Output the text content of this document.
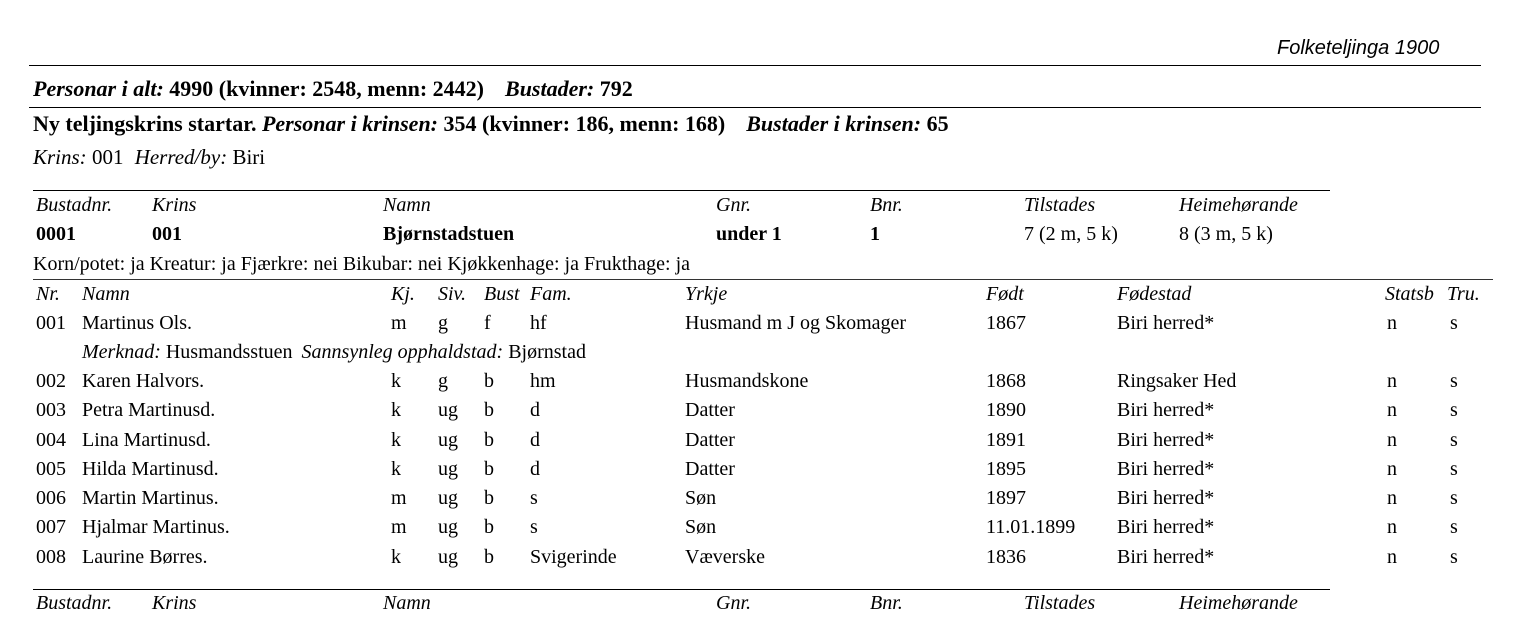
Folketeljinga 1900
Personar i alt: 4990 (kvinner: 2548, menn: 2442) Bustader: 792
Ny teljingskrins startar. Personar i krinsen: 354 (kvinner: 186, menn: 168) Bustader i krinsen: 65
Krins: 001 Herred/by: Biri
Bustadnr. Krins	Namn	Gnr.	Bnr.	Tilstades	Heimehørande
0001	001	Bjørnstadstuen	under 1	1	7 (2 m, 5 k)	8 (3 m, 5 k)
Korn/potet: ja Kreatur: ja Fjærkre: nei Bikubar: nei Kjøkkenhage: ja Frukthage: ja
Nr. Namn	Kj. Siv. Bust Fam.	Yrkje	Født	Fødestad	Statsb Tru.
001 Martinus Ols.	m g f hf	Husmand m J og Skomager	1867	Biri herred*	n	s
Merknad: Husmandsstuen Sannsynleg opphaldstad: Bjørnstad
002 Karen Halvors.	k g b hm	Husmandskone	1868	Ringsaker Hed	n	s
003 Petra Martinusd.	k ug b d	Datter	1890	Biri herred*	n	s
004 Lina Martinusd.	k ug b d	Datter	1891	Biri herred*	n	s
005 Hilda Martinusd.	k ug b d	Datter	1895	Biri herred*	n	s
006 Martin Martinus.	m ug b s	Søn	1897	Biri herred*	n	s
007 Hjalmar Martinus.	m ug b s	Søn	11.01.1899 Biri herred*	n	s
008 Laurine Børres.	k ug b Svigerinde	Væverske	1836	Biri herred*	n	s
Bustadnr. Krins	Namn	Gnr.	Bnr.	Tilstades	Heimehørande
